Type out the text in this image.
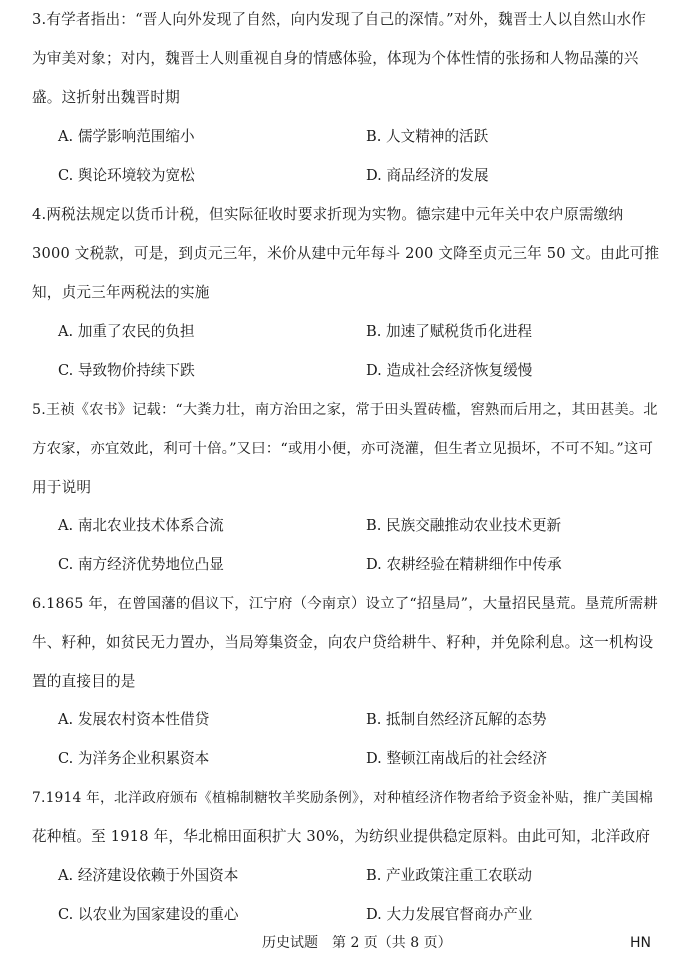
3.有学者指出：“晋人向外发现了自然，向内发现了自己的深情。”对外，魏晋士人以自然山水作
为审美对象；对内，魏晋士人则重视自身的情感体验，体现为个体性情的张扬和人物品藻的兴
盛。这折射出魏晋时期
A. 儒学影响范围缩小	B. 人文精神的活跃
C. 舆论环境较为宽松	D. 商品经济的发展
4.两税法规定以货币计税，但实际征收时要求折现为实物。德宗建中元年关中农户原需缴纳
3000 文税款，可是，到贞元三年，米价从建中元年每斗 200 文降至贞元三年 50 文。由此可推
知，贞元三年两税法的实施
A. 加重了农民的负担	B. 加速了赋税货币化进程
C. 导致物价持续下跌	D. 造成社会经济恢复缓慢
5.王祯《农书》记载：“大粪力壮，南方治田之家，常于田头置砖槛，窖熟而后用之，其田甚美。北
方农家，亦宜效此，利可十倍。”又曰：“或用小便，亦可浇灌，但生者立见损坏，不可不知。”这可
用于说明
A. 南北农业技术体系合流	B. 民族交融推动农业技术更新
C. 南方经济优势地位凸显	D. 农耕经验在精耕细作中传承
6.1865 年，在曾国藩的倡议下，江宁府（今南京）设立了“招垦局”，大量招民垦荒。垦荒所需耕
牛、籽种，如贫民无力置办，当局筹集资金，向农户贷给耕牛、籽种，并免除利息。这一机构设
置的直接目的是
A. 发展农村资本性借贷	B. 抵制自然经济瓦解的态势
C. 为洋务企业积累资本	D. 整顿江南战后的社会经济
7.1914 年，北洋政府颁布《植棉制糖牧羊奖励条例》，对种植经济作物者给予资金补贴，推广美国棉
花种植。至 1918 年，华北棉田面积扩大 30%，为纺织业提供稳定原料。由此可知，北洋政府
A. 经济建设依赖于外国资本	B. 产业政策注重工农联动
C. 以农业为国家建设的重心	D. 大力发展官督商办产业
历史试题　第 2 页（共 8 页）	HN
